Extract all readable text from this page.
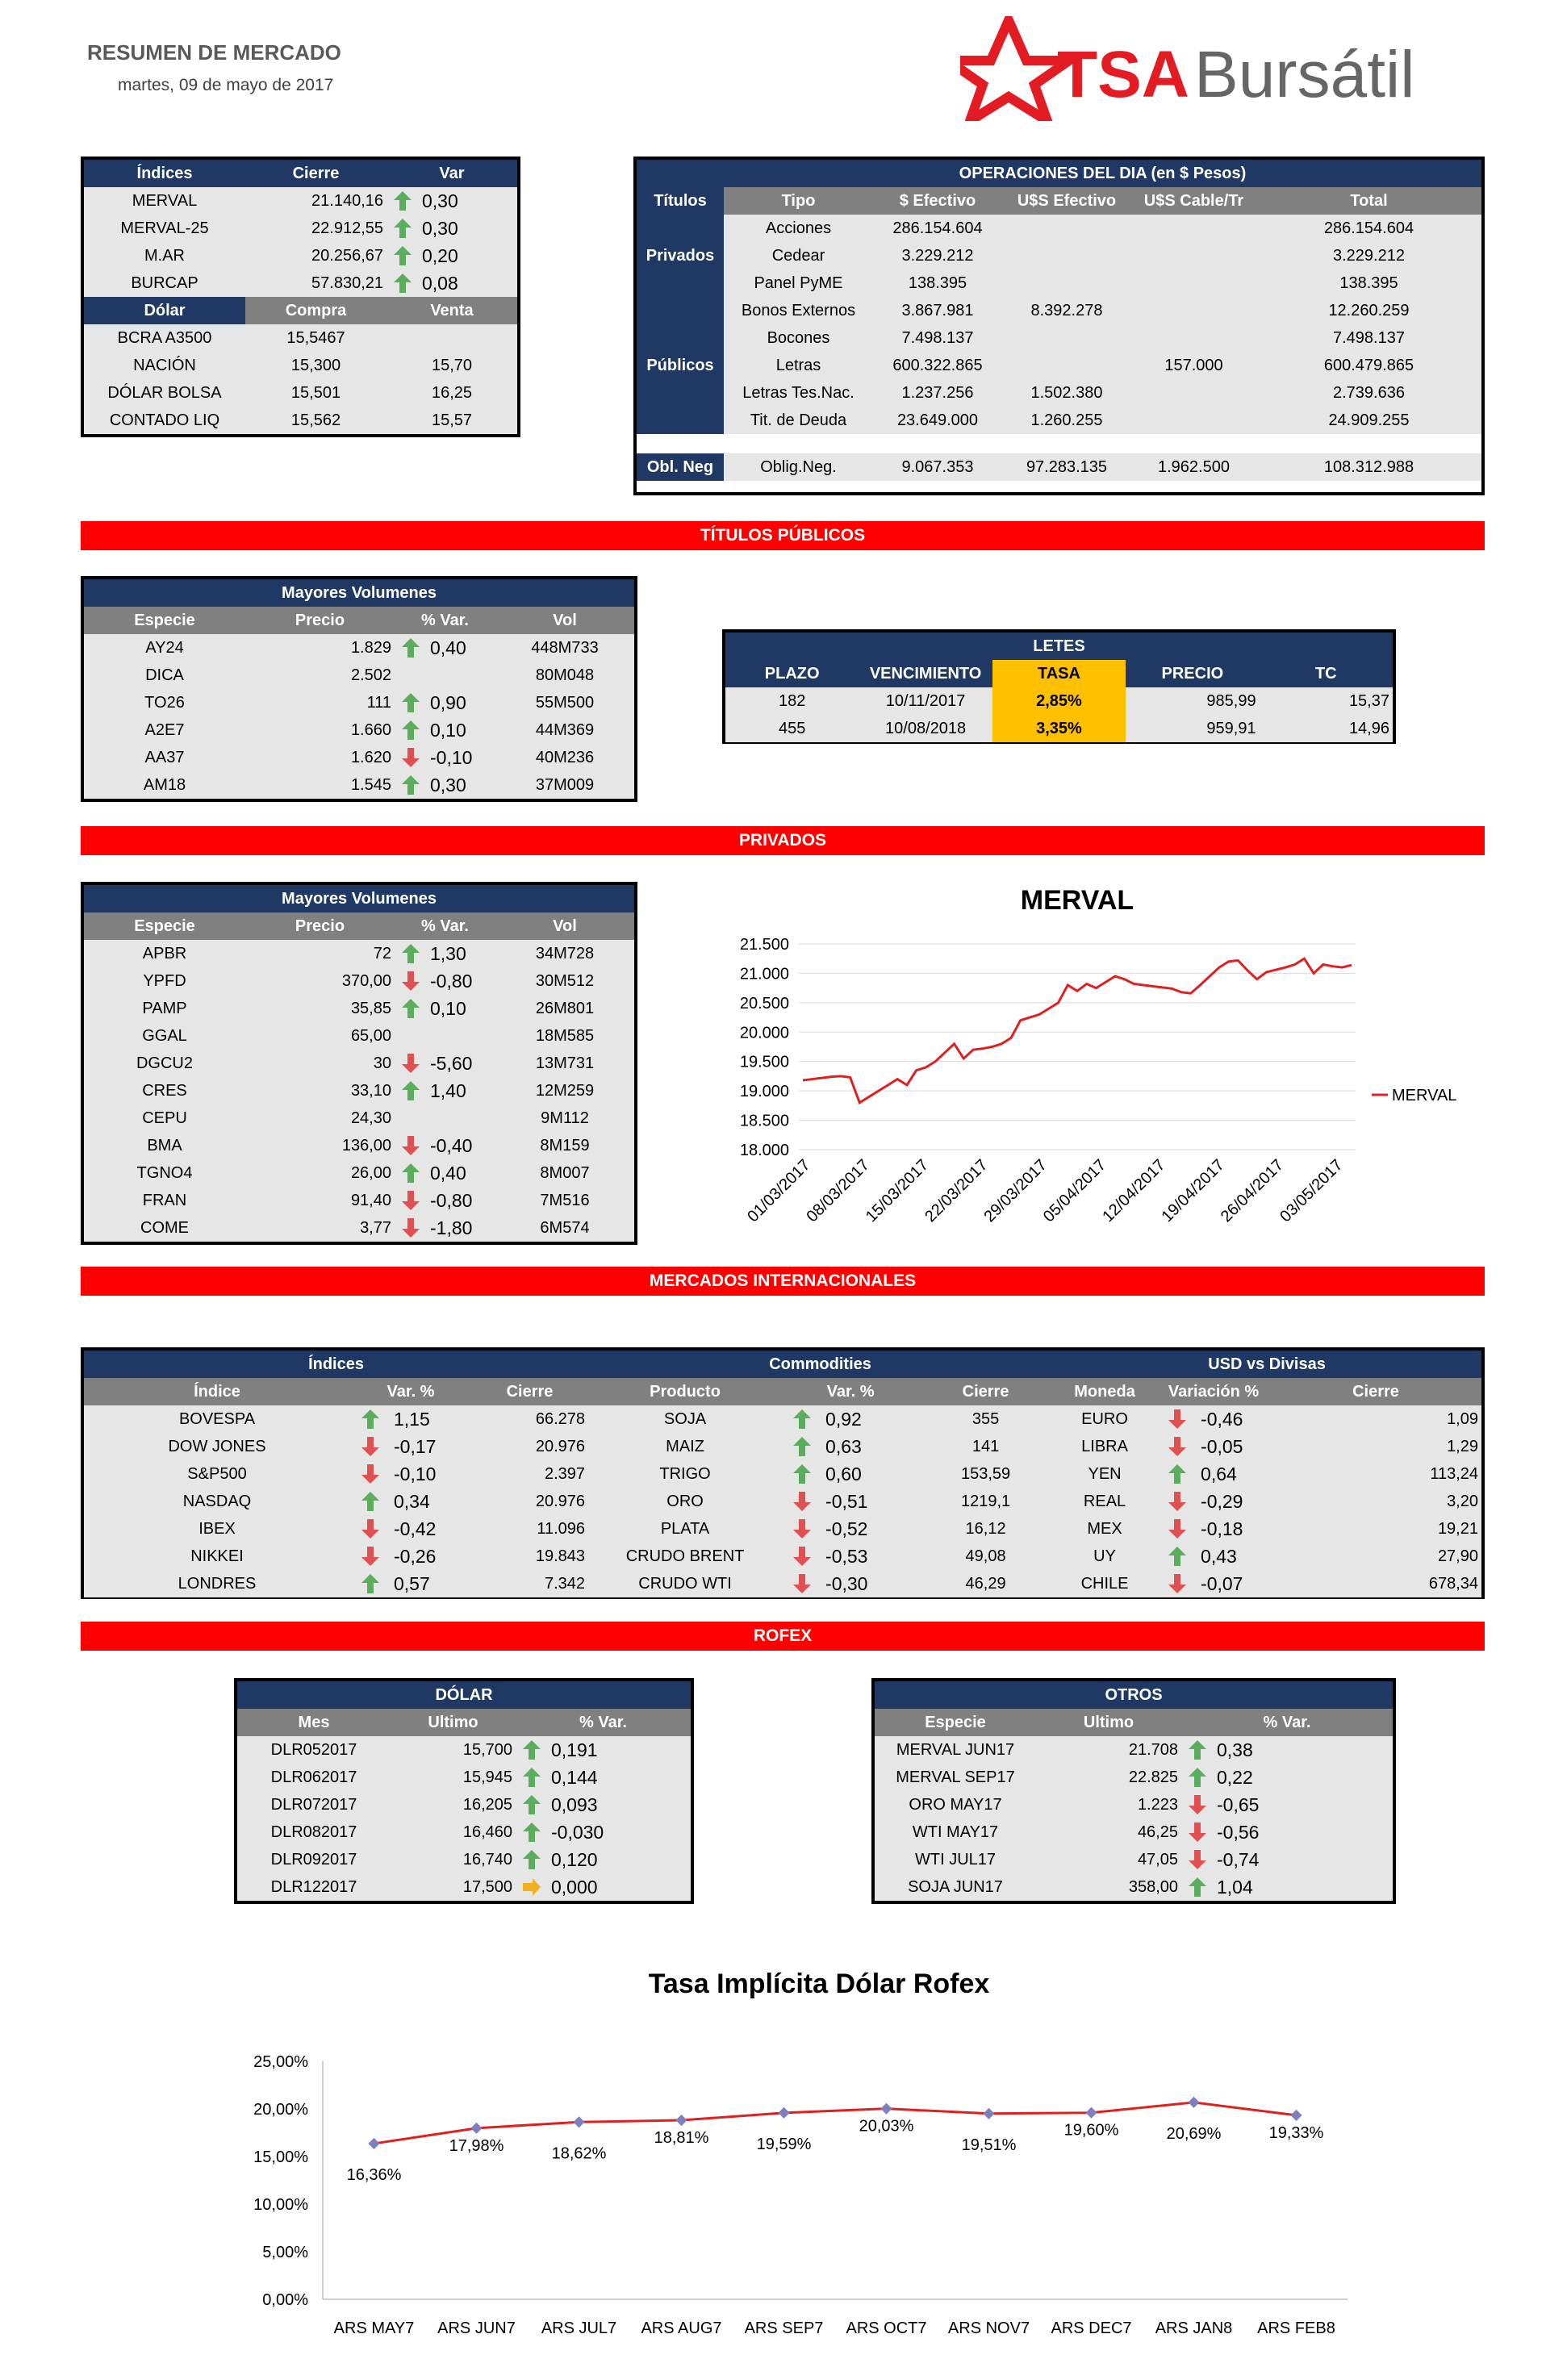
RESUMEN DE MERCADO
martes, 09 de mayo de 2017	TSA Bursátil
Índices	Cierre	Var	
MERVAL	21.140,16		0,30
MERVAL-25	22.912,55		0,30
M.AR	20.256,67		0,20
BURCAP	57.830,21		0,08
Dólar	Compra	Venta	
BCRA A3500	15,5467		
NACIÓN	15,300	15,70	
DÓLAR BOLSA	15,501	16,25	
CONTADO LIQ	15,562	15,57	
	OPERACIONES DEL DIA (en $ Pesos)				
Títulos	Tipo	$ Efectivo	U$S Efectivo	U$S Cable/Tr	Total
Privados	Acciones	286.154.604			286.154.604
	Cedear	3.229.212			3.229.212
	Panel PyME	138.395			138.395
Públicos	Bonos Externos	3.867.981	8.392.278		12.260.259
	Bocones	7.498.137			7.498.137
	Letras	600.322.865		157.000	600.479.865
	Letras Tes.Nac.	1.237.256	1.502.380		2.739.636
	Tit. de Deuda	23.649.000	1.260.255		24.909.255

Obl. Neg	Oblig.Neg.	9.067.353	97.283.135	1.962.500	108.312.988
TÍTULOS PÚBLICOS
Mayores Volumenes				
Especie	Precio	% Var.		Vol
AY24	1.829		0,40	448M733
DICA	2.502			80M048
TO26	111		0,90	55M500
A2E7	1.660		0,10	44M369
AA37	1.620		-0,10	40M236
AM18	1.545		0,30	37M009
LETES				
PLAZO	VENCIMIENTO	TASA	PRECIO	TC
182	10/11/2017	2,85%	985,99	15,37
455	10/08/2018	3,35%	959,91	14,96
PRIVADOS
Mayores Volumenes				
Especie	Precio	% Var.		Vol
APBR	72		1,30	34M728
YPFD	370,00		-0,80	30M512
PAMP	35,85		0,10	26M801
GGAL	65,00			18M585
DGCU2	30		-5,60	13M731
CRES	33,10		1,40	12M259
CEPU	24,30			9M112
BMA	136,00		-0,40	8M159
TGNO4	26,00		0,40	8M007
FRAN	91,40		-0,80	7M516
COME	3,77		-1,80	6M574
MERVAL
21.500
21.000
20.500
20.000
19.500
19.000
18.500
18.000
01/03/2017
08/03/2017
15/03/2017
22/03/2017
29/03/2017
05/04/2017
12/04/2017
19/04/2017
26/04/2017
03/05/2017
MERVAL
MERCADOS INTERNACIONALES
Índices				Commodities				USD vs Divisas			
Índice	Var. %		Cierre	Producto	Var. %		Cierre	Moneda	Variación %		Cierre
BOVESPA		1,15	66.278	SOJA		0,92	355	EURO		-0,46	1,09
DOW JONES		-0,17	20.976	MAIZ		0,63	141	LIBRA		-0,05	1,29
S&P500		-0,10	2.397	TRIGO		0,60	153,59	YEN		0,64	113,24
NASDAQ		0,34	20.976	ORO		-0,51	1219,1	REAL		-0,29	3,20
IBEX		-0,42	11.096	PLATA		-0,52	16,12	MEX		-0,18	19,21
NIKKEI		-0,26	19.843	CRUDO BRENT		-0,53	49,08	UY		0,43	27,90
LONDRES		0,57	7.342	CRUDO WTI		-0,30	46,29	CHILE		-0,07	678,34
ROFEX
DÓLAR			
Mes	Ultimo	% Var.	
DLR052017	15,700		0,191
DLR062017	15,945		0,144
DLR072017	16,205		0,093
DLR082017	16,460		-0,030
DLR092017	16,740		0,120
DLR122017	17,500		0,000
OTROS			
Especie	Ultimo	% Var.	
MERVAL JUN17	21.708		0,38
MERVAL SEP17	22.825		0,22
ORO MAY17	1.223		-0,65
WTI MAY17	46,25		-0,56
WTI JUL17	47,05		-0,74
SOJA JUN17	358,00		1,04
Tasa Implícita Dólar Rofex
25,00%
20,00%
15,00%
10,00%
5,00%
0,00%
16,36%
17,98%	18,62%
18,81%	19,59%
20,03%
19,51%
19,60%	20,69%	19,33%
ARS MAY7 ARS JUN7 ARS JUL7 ARS AUG7 ARS SEP7 ARS OCT7 ARS NOV7 ARS DEC7 ARS JAN8 ARS FEB8
